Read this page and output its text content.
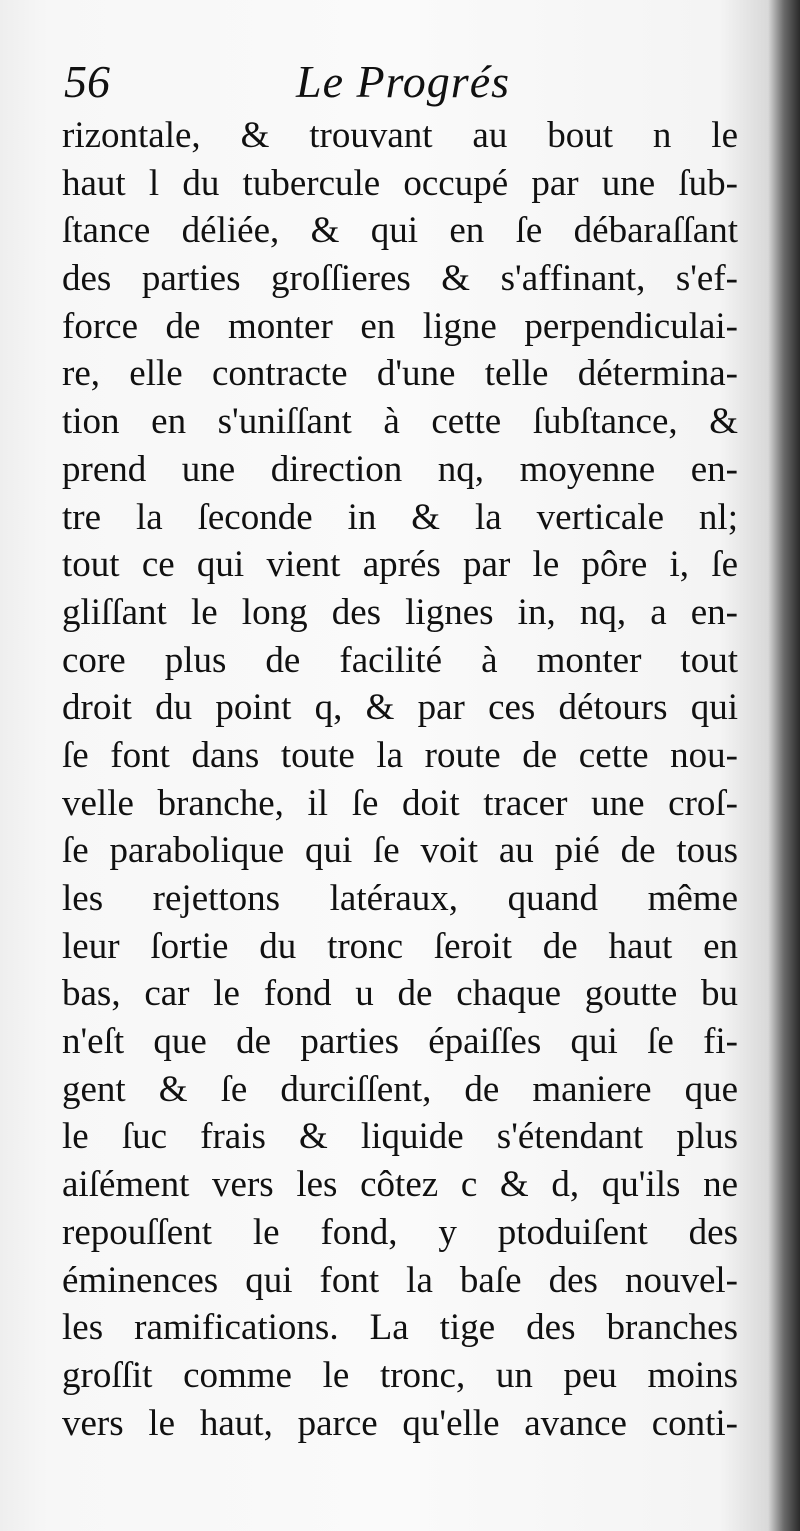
56	Le Progrés
rizontale, & trouvant au bout n le
haut l du tubercule occupé par une ſub-
ſtance déliée, & qui en ſe débaraſſant
des parties groſſieres & s'affinant, s'ef-
force de monter en ligne perpendiculai-
re, elle contracte d'une telle détermina-
tion en s'uniſſant à cette ſubſtance, &
prend une direction nq, moyenne en-
tre la ſeconde in & la verticale nl;
tout ce qui vient aprés par le pôre i, ſe
gliſſant le long des lignes in, nq, a en-
core plus de facilité à monter tout
droit du point q, & par ces détours qui
ſe font dans toute la route de cette nou-
velle branche, il ſe doit tracer une croſ-
ſe parabolique qui ſe voit au pié de tous
les rejettons latéraux, quand même
leur ſortie du tronc ſeroit de haut en
bas, car le fond u de chaque goutte bu
n'eſt que de parties épaiſſes qui ſe fi-
gent & ſe durciſſent, de maniere que
le ſuc frais & liquide s'étendant plus
aiſément vers les côtez c & d, qu'ils ne
repouſſent le fond, y ptoduiſent des
éminences qui font la baſe des nouvel-
les ramifications. La tige des branches
groſſit comme le tronc, un peu moins
vers le haut, parce qu'elle avance conti-
